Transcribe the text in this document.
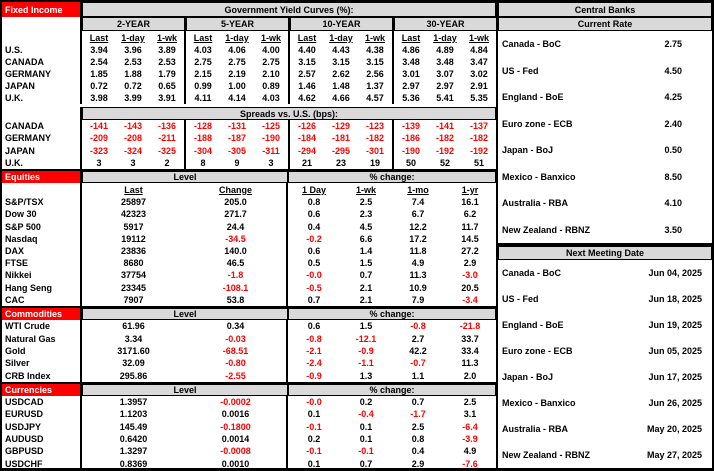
Fixed Income	Government Yield Curves (%):
2-YEAR	5-YEAR	10-YEAR	30-YEAR
Last	1-day	1-wk	Last	1-day	1-wk	Last	1-day	1-wk	Last	1-day	1-wk
U.S.	3.94	3.96	3.89	4.03	4.06	4.00	4.40	4.43	4.38	4.86	4.89	4.84
CANADA	2.54	2.53	2.53	2.75	2.75	2.75	3.15	3.15	3.15	3.48	3.48	3.47
GERMANY	1.85	1.88	1.79	2.15	2.19	2.10	2.57	2.62	2.56	3.01	3.07	3.02
JAPAN	0.72	0.72	0.65	0.99	1.00	0.89	1.46	1.48	1.37	2.97	2.97	2.91
U.K.	3.98	3.99	3.91	4.11	4.14	4.03	4.62	4.66	4.57	5.36	5.41	5.35
Spreads vs. U.S. (bps):
CANADA	-141	-143	-136	-128	-131	-125	-126	-129	-123	-139	-141	-137
GERMANY	-209	-208	-211	-188	-187	-190	-184	-181	-182	-186	-182	-182
JAPAN	-323	-324	-325	-304	-305	-311	-294	-295	-301	-190	-192	-192
U.K.	3	3	2	8	9	3	21	23	19	50	52	51
Equities	Level	% change:
Last	Change	1 Day	1-wk	1-mo	1-yr
S&P/TSX	25897	205.0	0.8	2.5	7.4	16.1
Dow 30	42323	271.7	0.6	2.3	6.7	6.2
S&P 500	5917	24.4	0.4	4.5	12.2	11.7
Nasdaq	19112	-34.5	-0.2	6.6	17.2	14.5
DAX	23836	140.0	0.6	1.4	11.8	27.2
FTSE	8680	46.5	0.5	1.5	4.9	2.9
Nikkei	37754	-1.8	-0.0	0.7	11.3	-3.0
Hang Seng	23345	-108.1	-0.5	2.1	10.9	20.5
CAC	7907	53.8	0.7	2.1	7.9	-3.4
Commodities	Level	% change:
WTI Crude	61.96	0.34	0.6	1.5	-0.8	-21.8
Natural Gas	3.34	-0.03	-0.8	-12.1	2.7	33.7
Gold	3171.60	-68.51	-2.1	-0.9	42.2	33.4
Silver	32.09	-0.80	-2.4	-1.1	-0.7	11.3
CRB Index	295.86	-2.55	-0.9	1.3	1.1	2.0
Currencies	Level	% change:
USDCAD	1.3957	-0.0002	-0.0	0.2	0.7	2.5
EURUSD	1.1203	0.0016	0.1	-0.4	-1.7	3.1
USDJPY	145.49	-0.1800	-0.1	0.1	2.5	-6.4
AUDUSD	0.6420	0.0014	0.2	0.1	0.8	-3.9
GBPUSD	1.3297	-0.0008	-0.1	-0.1	0.4	4.9
USDCHF	0.8369	0.0010	0.1	0.7	2.9	-7.6
Central Banks
Current Rate
Canada - BoC	2.75
US - Fed	4.50
England - BoE	4.25
Euro zone - ECB	2.40
Japan - BoJ	0.50
Mexico - Banxico	8.50
Australia - RBA	4.10
New Zealand - RBNZ	3.50
Next Meeting Date
Canada - BoC	Jun 04, 2025
US - Fed	Jun 18, 2025
England - BoE	Jun 19, 2025
Euro zone - ECB	Jun 05, 2025
Japan - BoJ	Jun 17, 2025
Mexico - Banxico	Jun 26, 2025
Australia - RBA	May 20, 2025
New Zealand - RBNZ	May 27, 2025
